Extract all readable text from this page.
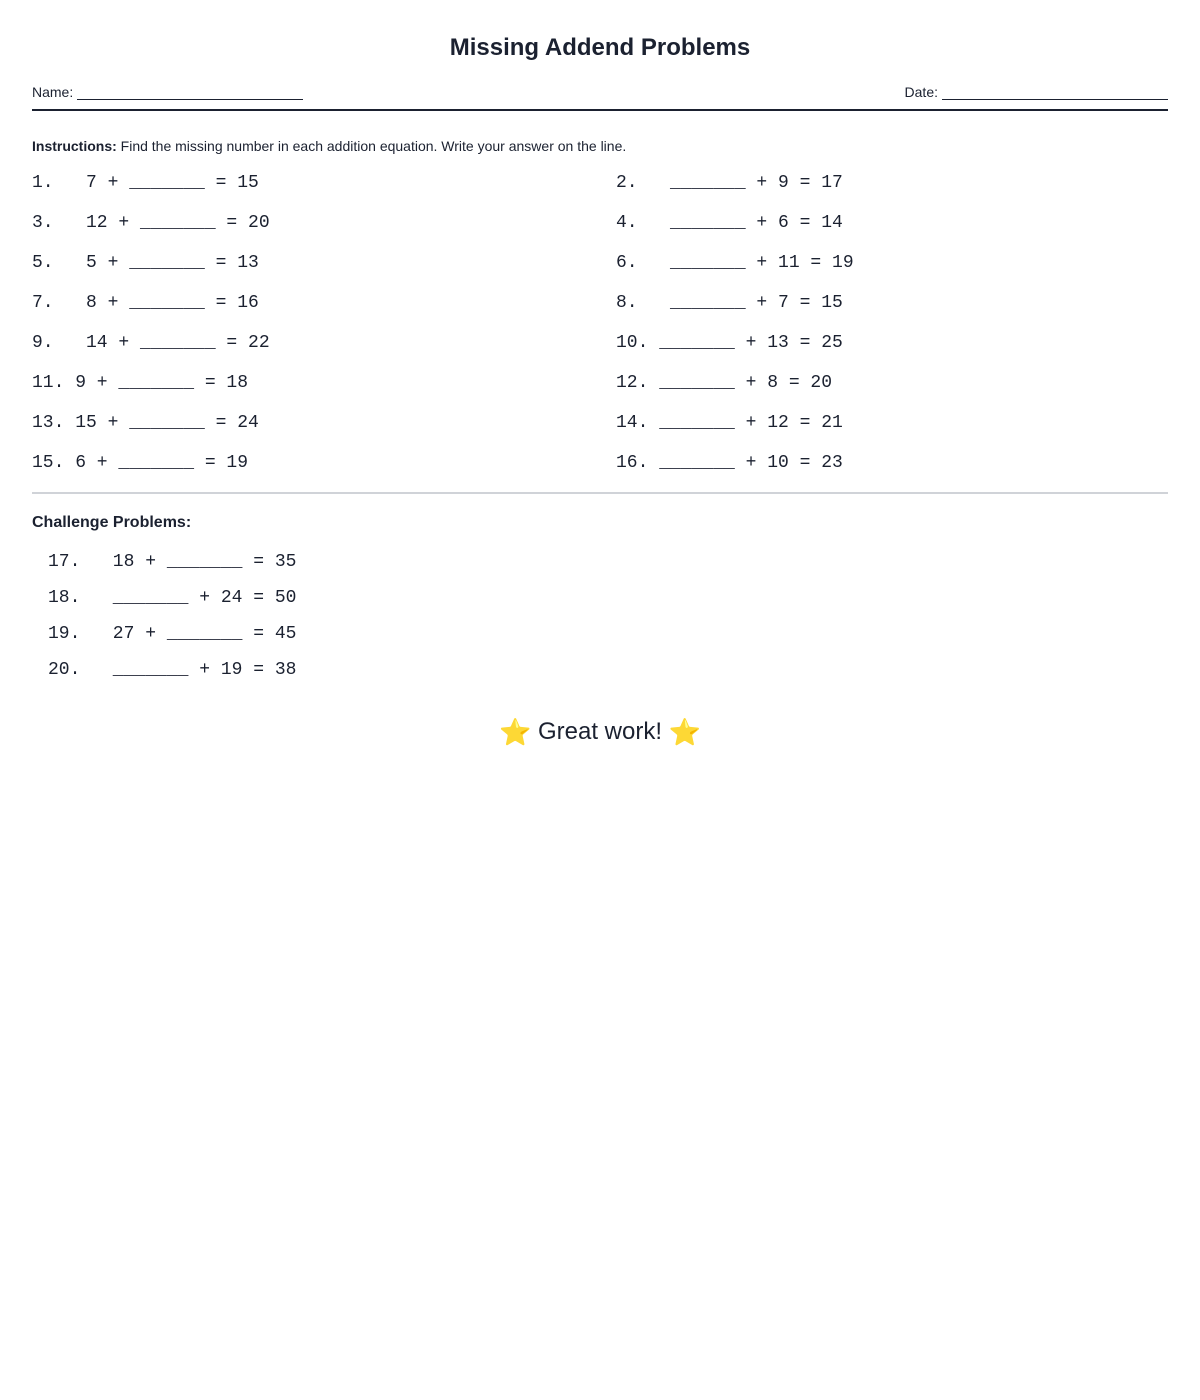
Missing Addend Problems
Name:	Date:
Instructions: Find the missing number in each addition equation. Write your answer on the line.
1.   7 + _______ = 15	2.   _______ + 9 = 17
3.   12 + _______ = 20	4.   _______ + 6 = 14
5.   5 + _______ = 13	6.   _______ + 11 = 19
7.   8 + _______ = 16	8.   _______ + 7 = 15
9.   14 + _______ = 22	10. _______ + 13 = 25
11. 9 + _______ = 18	12. _______ + 8 = 20
13. 15 + _______ = 24	14. _______ + 12 = 21
15. 6 + _______ = 19	16. _______ + 10 = 23
Challenge Problems:
17.   18 + _______ = 35
18.   _______ + 24 = 50
19.   27 + _______ = 45
20.   _______ + 19 = 38
⭐ Great work! ⭐
